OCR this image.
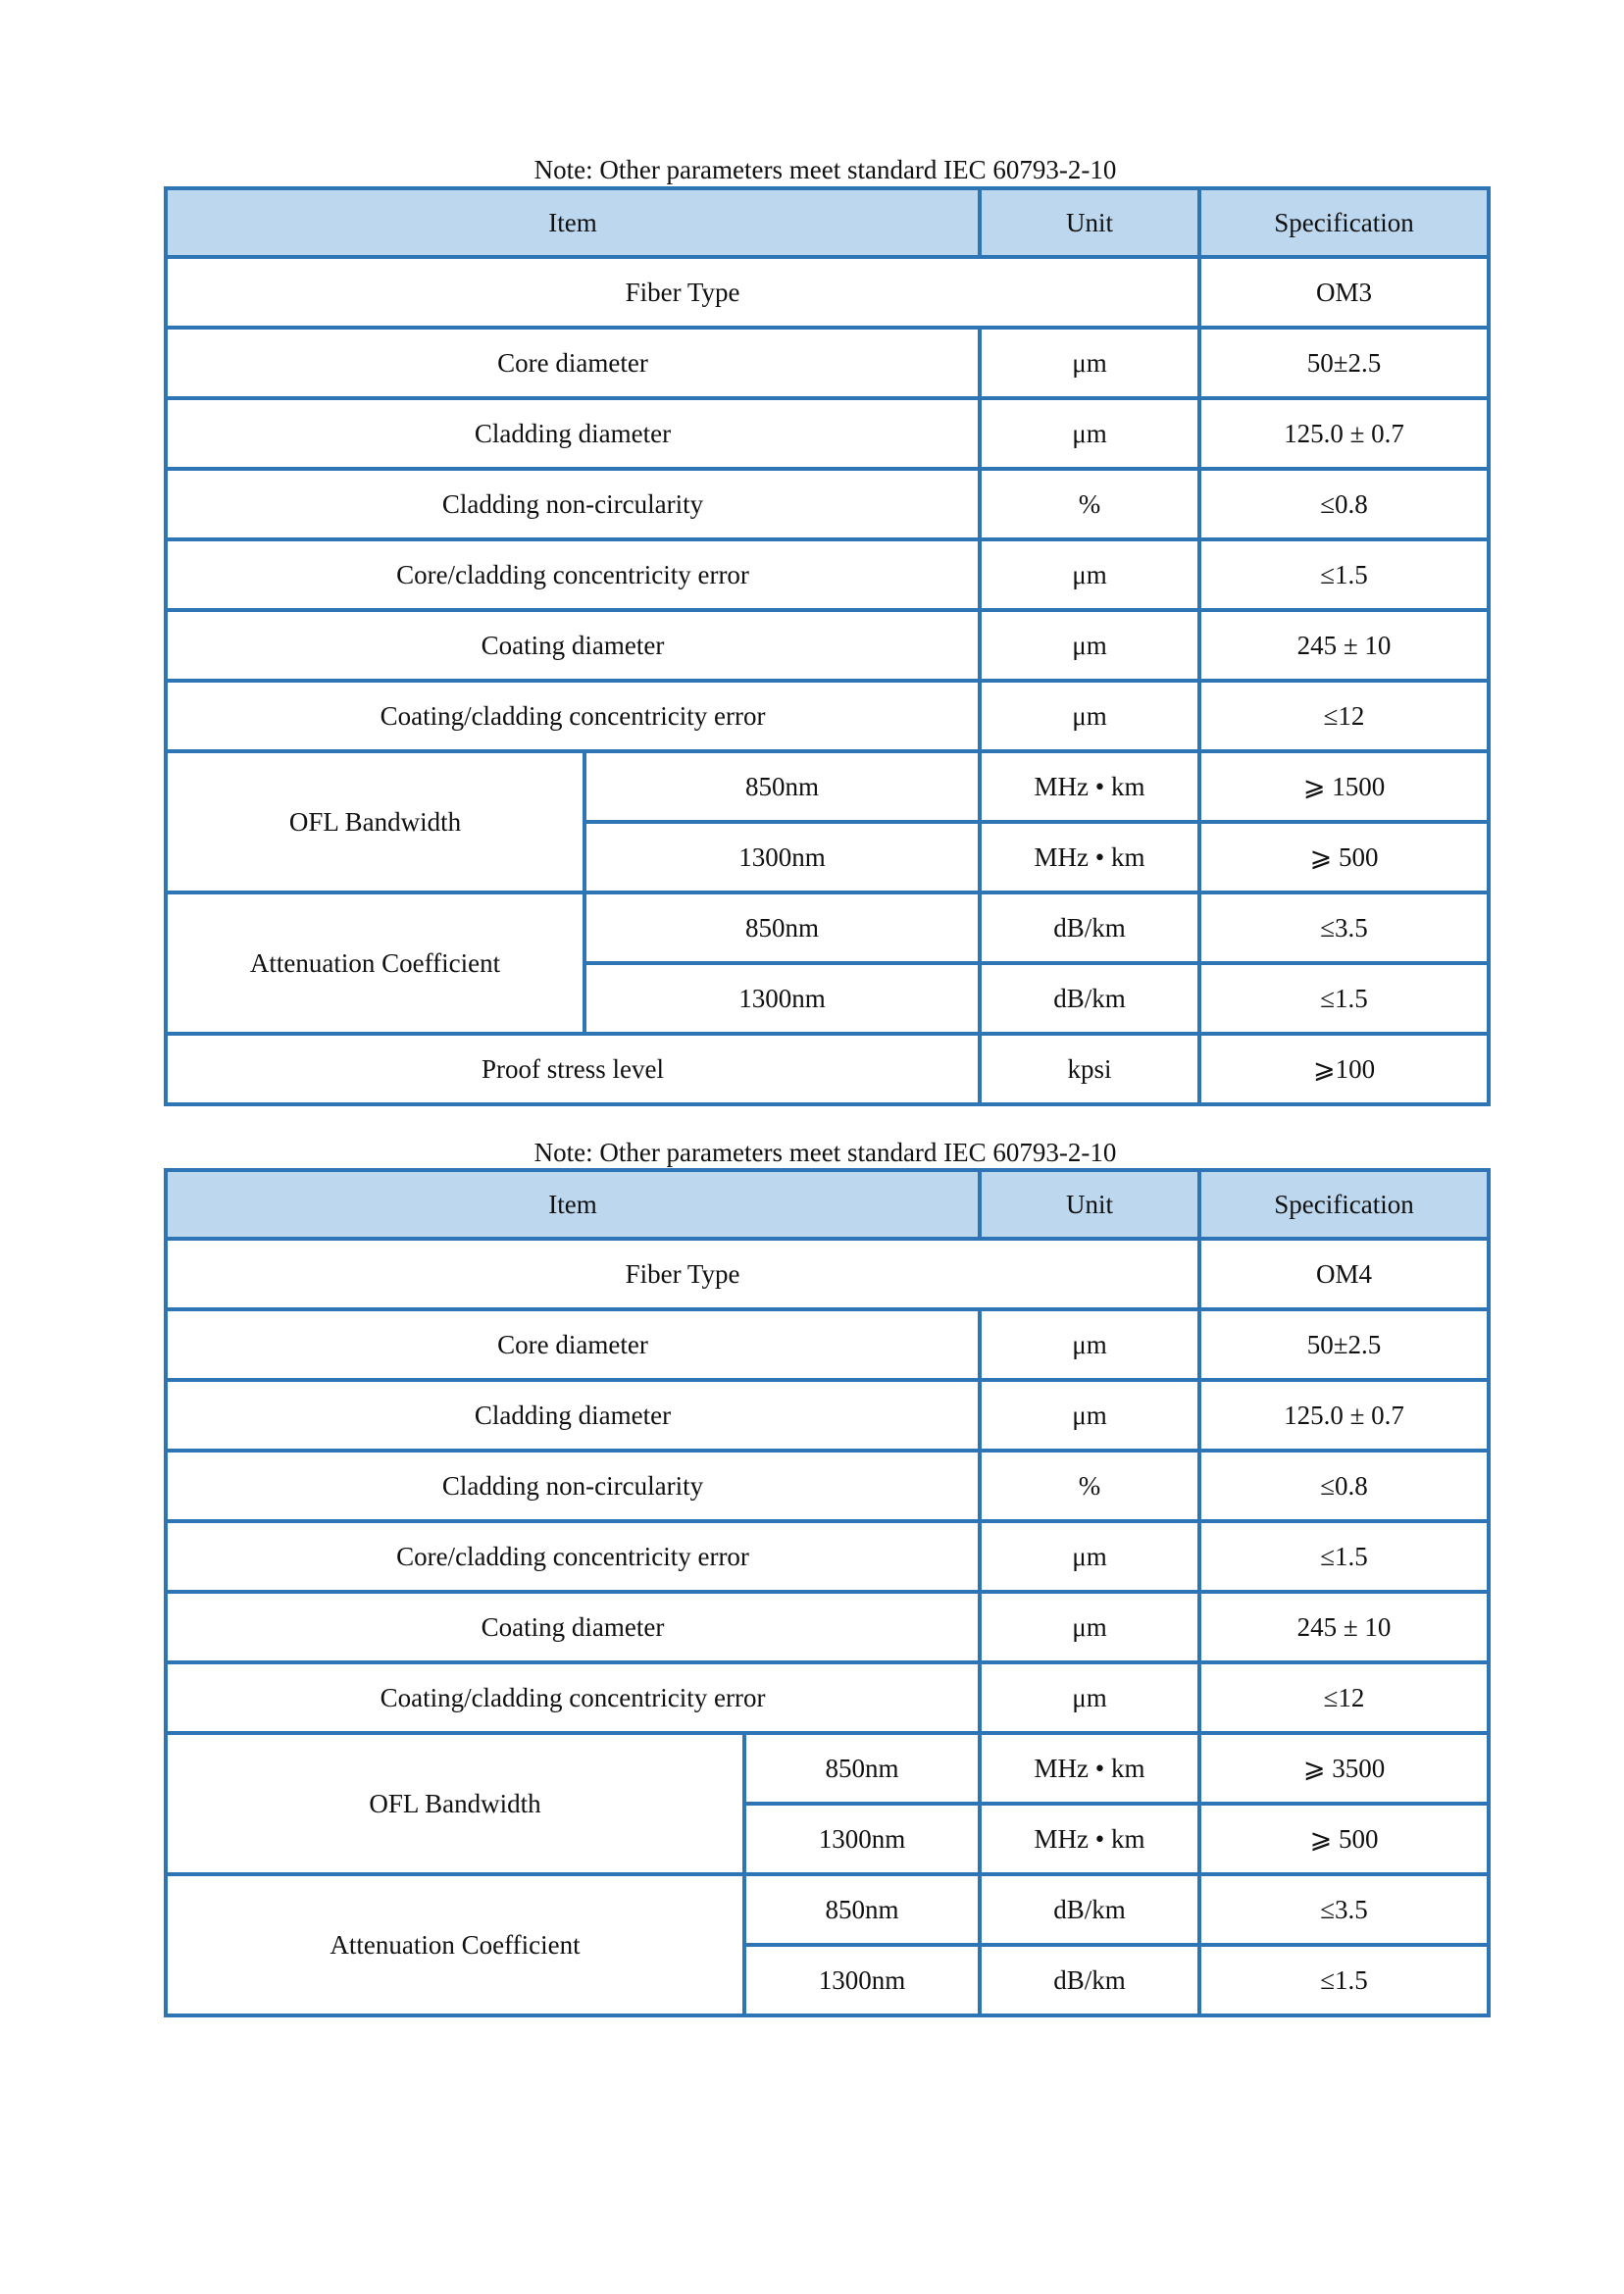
Note: Other parameters meet standard IEC 60793-2-10
Item		Unit	Specification
Fiber Type			OM3
Core diameter		μm	50±2.5
Cladding diameter		μm	125.0 ± 0.7
Cladding non-circularity		%	≤0.8
Core/cladding concentricity error		μm	≤1.5
Coating diameter		μm	245 ± 10
Coating/cladding concentricity error		μm	≤12
OFL Bandwidth	850nm	MHz • km	⩾ 1500
	1300nm	MHz • km	⩾ 500
Attenuation Coefficient	850nm	dB/km	≤3.5
	1300nm	dB/km	≤1.5
Proof stress level		kpsi	⩾100
Note: Other parameters meet standard IEC 60793-2-10
Item		Unit	Specification
Fiber Type			OM4
Core diameter		μm	50±2.5
Cladding diameter		μm	125.0 ± 0.7
Cladding non-circularity		%	≤0.8
Core/cladding concentricity error		μm	≤1.5
Coating diameter		μm	245 ± 10
Coating/cladding concentricity error		μm	≤12
OFL Bandwidth	850nm	MHz • km	⩾ 3500
	1300nm	MHz • km	⩾ 500
Attenuation Coefficient	850nm	dB/km	≤3.5
	1300nm	dB/km	≤1.5
